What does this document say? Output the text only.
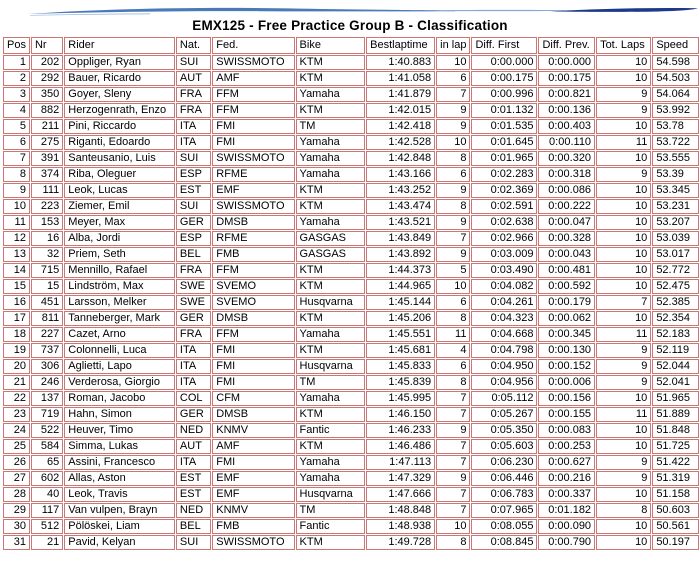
EMX125 - Free Practice Group B - Classification
Pos	Nr	Rider	Nat.	Fed.	Bike	Bestlaptime	in lap	Diff. First	Diff. Prev.	Tot. Laps	Speed
1	202	Oppliger, Ryan	SUI	SWISSMOTO	KTM	1:40.883	10	0:00.000	0:00.000	10	54.598
2	292	Bauer, Ricardo	AUT	AMF	KTM	1:41.058	6	0:00.175	0:00.175	10	54.503
3	350	Goyer, Sleny	FRA	FFM	Yamaha	1:41.879	7	0:00.996	0:00.821	9	54.064
4	882	Herzogenrath, Enzo	FRA	FFM	KTM	1:42.015	9	0:01.132	0:00.136	9	53.992
5	211	Pini, Riccardo	ITA	FMI	TM	1:42.418	9	0:01.535	0:00.403	10	53.78
6	275	Riganti, Edoardo	ITA	FMI	Yamaha	1:42.528	10	0:01.645	0:00.110	11	53.722
7	391	Santeusanio, Luis	SUI	SWISSMOTO	Yamaha	1:42.848	8	0:01.965	0:00.320	10	53.555
8	374	Riba, Oleguer	ESP	RFME	Yamaha	1:43.166	6	0:02.283	0:00.318	9	53.39
9	111	Leok, Lucas	EST	EMF	KTM	1:43.252	9	0:02.369	0:00.086	10	53.345
10	223	Ziemer, Emil	SUI	SWISSMOTO	KTM	1:43.474	8	0:02.591	0:00.222	10	53.231
11	153	Meyer, Max	GER	DMSB	Yamaha	1:43.521	9	0:02.638	0:00.047	10	53.207
12	16	Alba, Jordi	ESP	RFME	GASGAS	1:43.849	7	0:02.966	0:00.328	10	53.039
13	32	Priem, Seth	BEL	FMB	GASGAS	1:43.892	9	0:03.009	0:00.043	10	53.017
14	715	Mennillo, Rafael	FRA	FFM	KTM	1:44.373	5	0:03.490	0:00.481	10	52.772
15	15	Lindström, Max	SWE	SVEMO	KTM	1:44.965	10	0:04.082	0:00.592	10	52.475
16	451	Larsson, Melker	SWE	SVEMO	Husqvarna	1:45.144	6	0:04.261	0:00.179	7	52.385
17	811	Tanneberger, Mark	GER	DMSB	KTM	1:45.206	8	0:04.323	0:00.062	10	52.354
18	227	Cazet, Arno	FRA	FFM	Yamaha	1:45.551	11	0:04.668	0:00.345	11	52.183
19	737	Colonnelli, Luca	ITA	FMI	KTM	1:45.681	4	0:04.798	0:00.130	9	52.119
20	306	Aglietti, Lapo	ITA	FMI	Husqvarna	1:45.833	6	0:04.950	0:00.152	9	52.044
21	246	Verderosa, Giorgio	ITA	FMI	TM	1:45.839	8	0:04.956	0:00.006	9	52.041
22	137	Roman, Jacobo	COL	CFM	Yamaha	1:45.995	7	0:05.112	0:00.156	10	51.965
23	719	Hahn, Simon	GER	DMSB	KTM	1:46.150	7	0:05.267	0:00.155	11	51.889
24	522	Heuver, Timo	NED	KNMV	Fantic	1:46.233	9	0:05.350	0:00.083	10	51.848
25	584	Simma, Lukas	AUT	AMF	KTM	1:46.486	7	0:05.603	0:00.253	10	51.725
26	65	Assini, Francesco	ITA	FMI	Yamaha	1:47.113	7	0:06.230	0:00.627	9	51.422
27	602	Allas, Aston	EST	EMF	Yamaha	1:47.329	9	0:06.446	0:00.216	9	51.319
28	40	Leok, Travis	EST	EMF	Husqvarna	1:47.666	7	0:06.783	0:00.337	10	51.158
29	117	Van vulpen, Brayn	NED	KNMV	TM	1:48.848	7	0:07.965	0:01.182	8	50.603
30	512	Pölöskei, Liam	BEL	FMB	Fantic	1:48.938	10	0:08.055	0:00.090	10	50.561
31	21	Pavid, Kelyan	SUI	SWISSMOTO	KTM	1:49.728	8	0:08.845	0:00.790	10	50.197
